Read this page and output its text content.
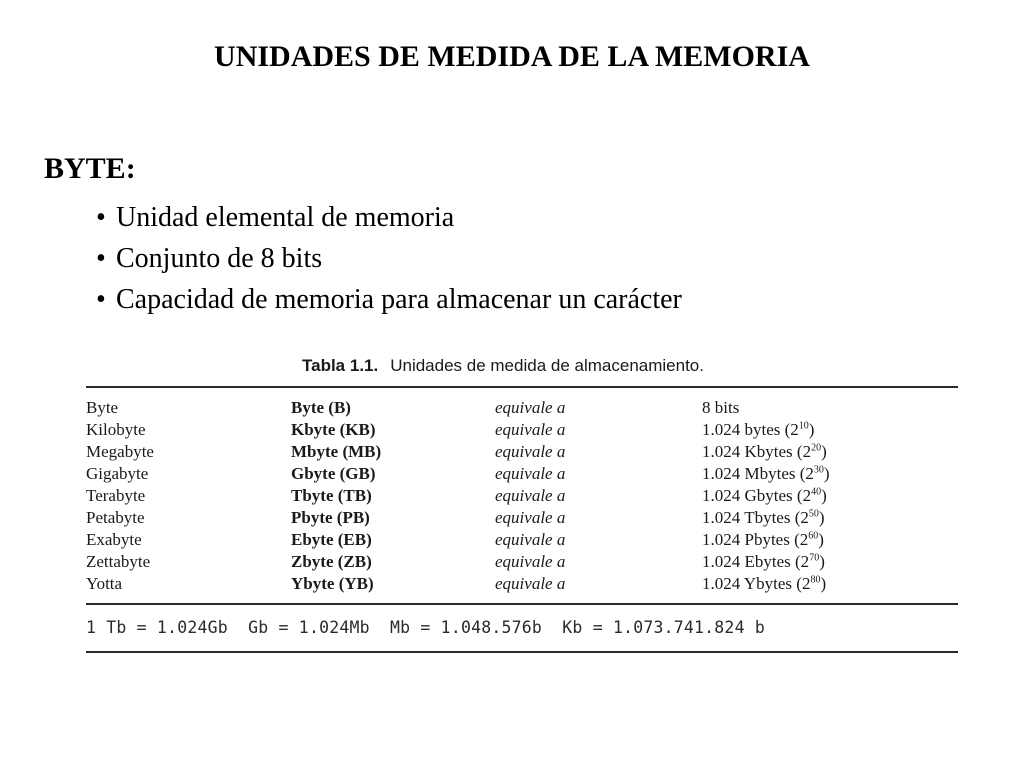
UNIDADES DE MEDIDA DE LA MEMORIA
BYTE:
• Unidad elemental de memoria
• Conjunto de 8 bits
• Capacidad de memoria para almacenar un carácter
Tabla 1.1. Unidades de medida de almacenamiento.
Byte	Byte (B)	equivale a	8 bits
Kilobyte	Kbyte (KB)	equivale a	1.024 bytes $(2^{10})$
Megabyte	Mbyte (MB)	equivale a	1.024 Kbytes $(2^{20})$
Gigabyte	Gbyte (GB)	equivale a	1.024 Mbytes $(2^{30})$
Terabyte	Tbyte (TB)	equivale a	1.024 Gbytes $(2^{40})$
Petabyte	Pbyte (PB)	equivale a	1.024 Tbytes $(2^{50})$
Exabyte	Ebyte (EB)	equivale a	1.024 Pbytes $(2^{60})$
Zettabyte	Zbyte (ZB)	equivale a	1.024 Ebytes $(2^{70})$
Yotta	Ybyte (YB)	equivale a	1.024 Ybytes $(2^{80})$
1 Tb = 1.024Gb  Gb = 1.024Mb  Mb = 1.048.576b  Kb = 1.073.741.824 b
